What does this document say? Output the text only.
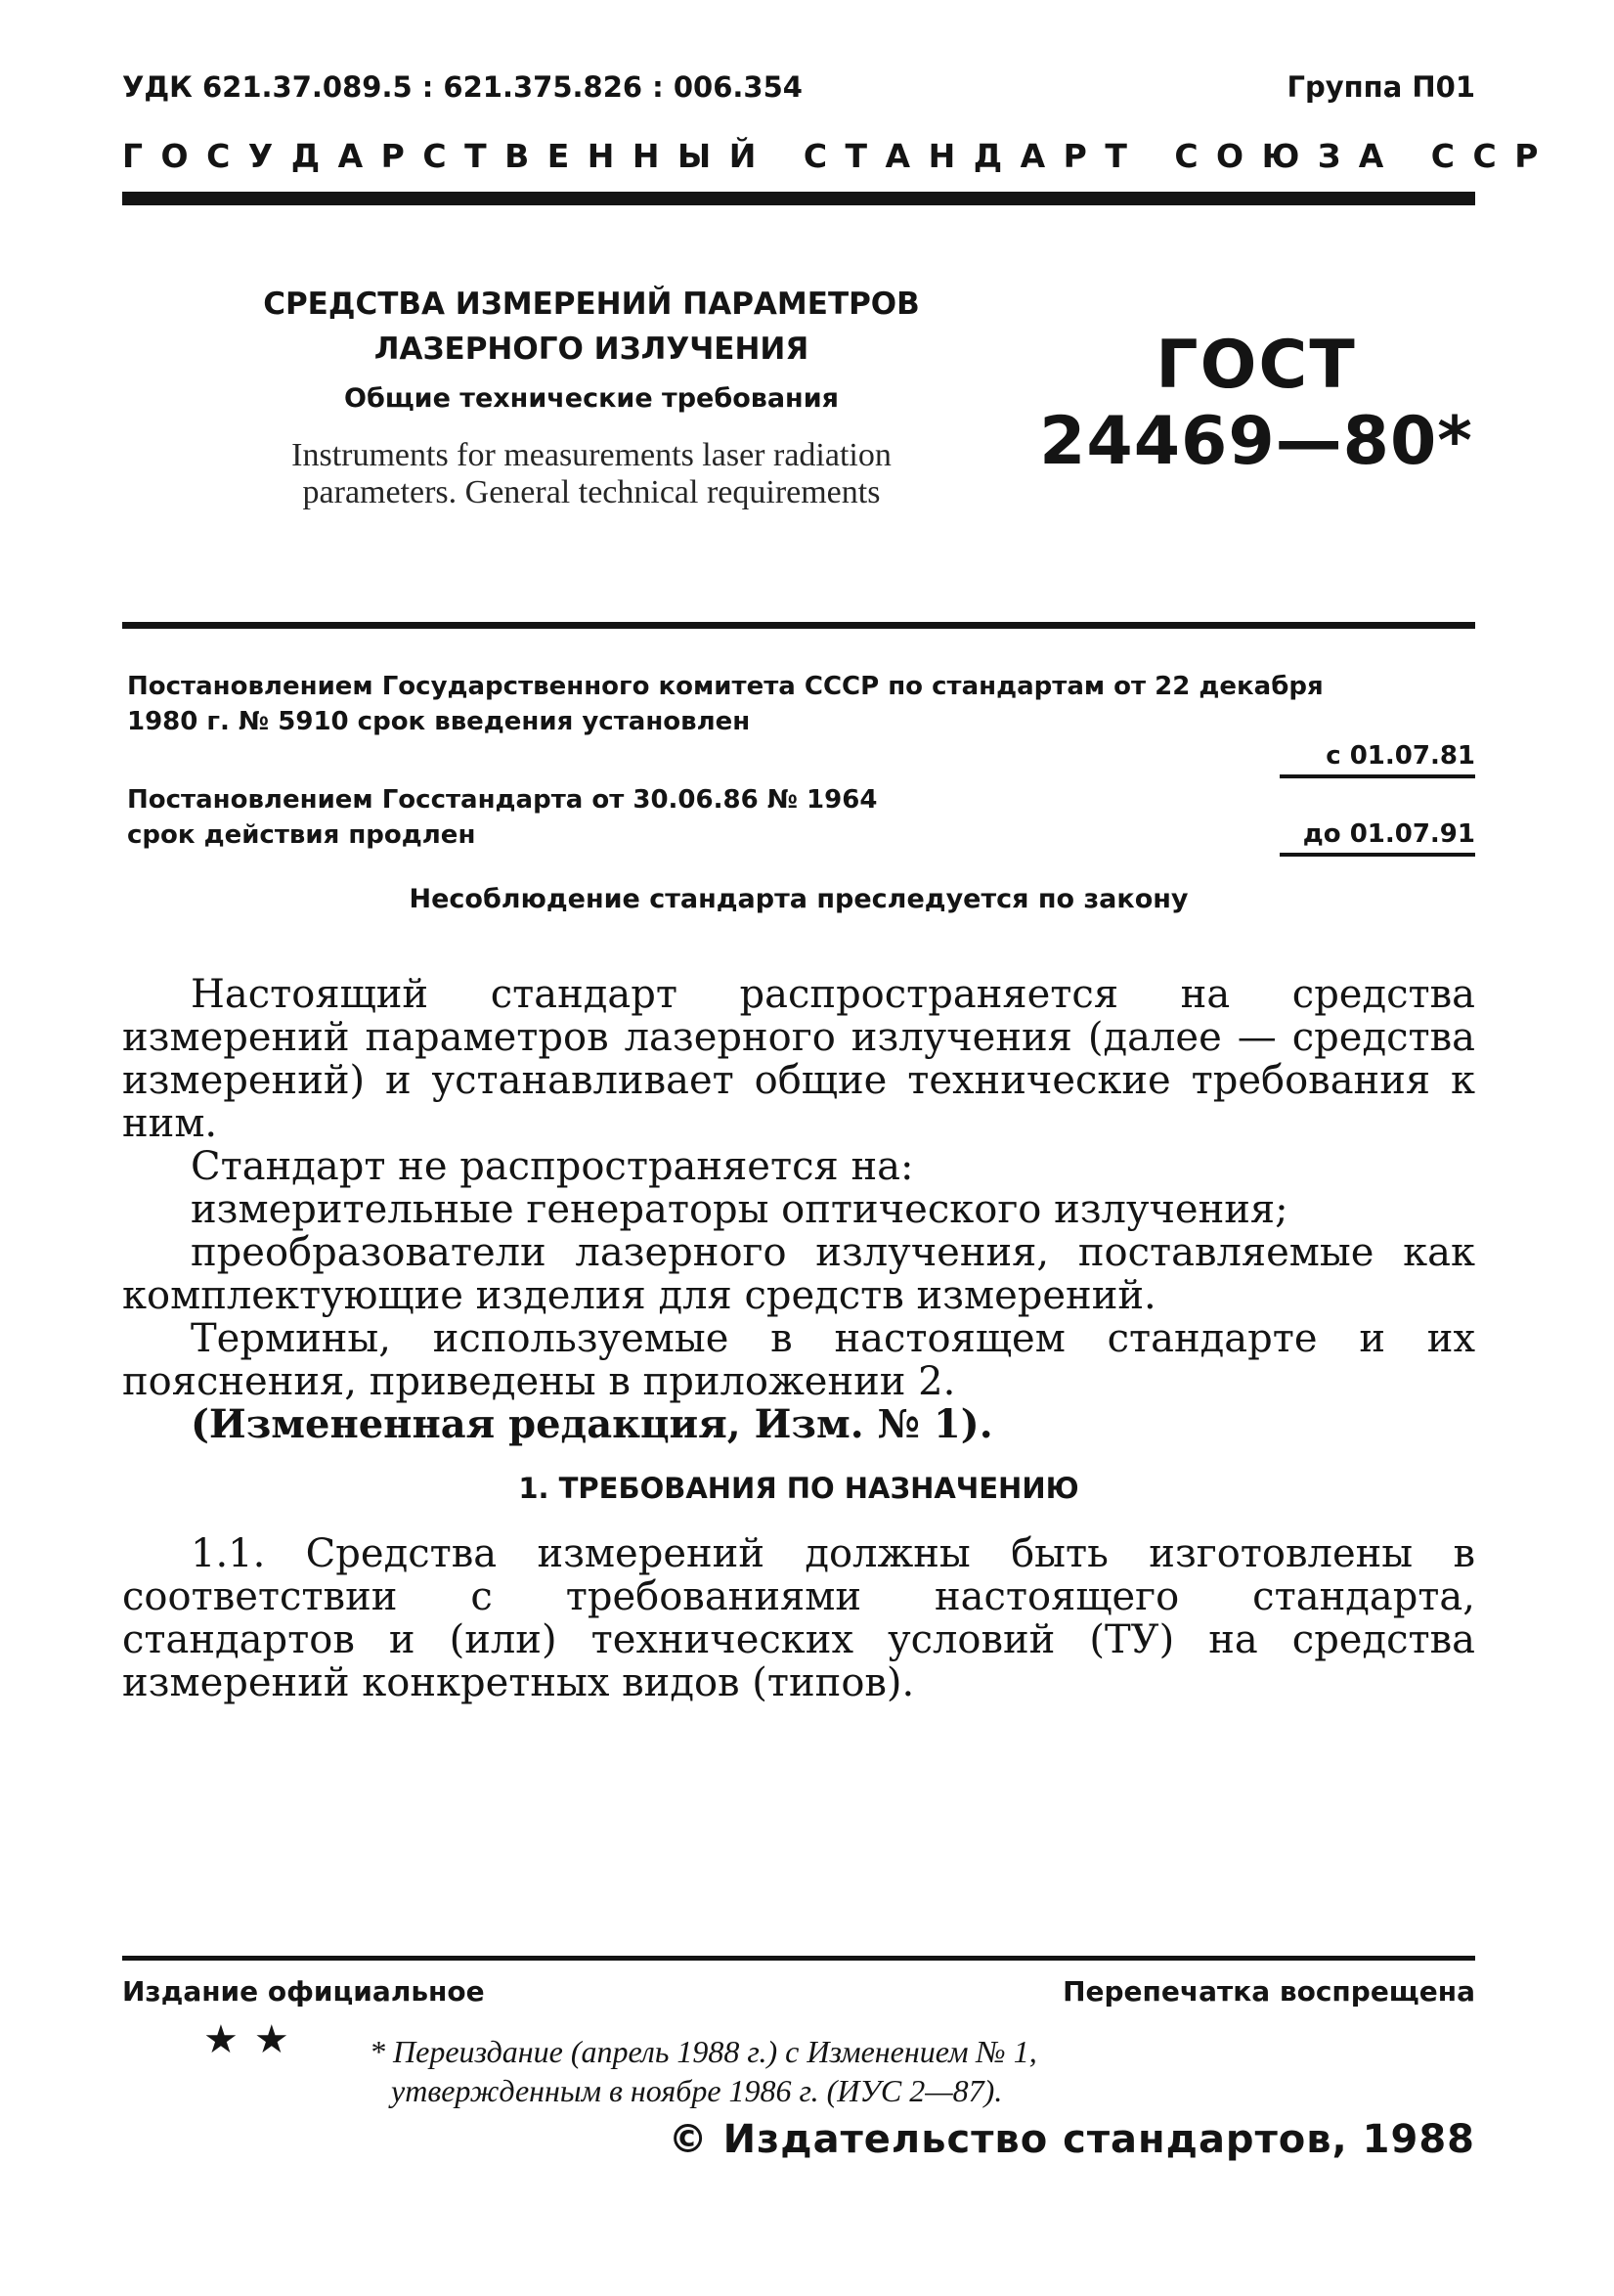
УДК 621.37.089.5 : 621.375.826 : 006.354	Группа П01
ГОСУДАРСТВЕННЫЙ СТАНДАРТ СОЮЗА ССР
СРЕДСТВА ИЗМЕРЕНИЙ ПАРАМЕТРОВ
ЛАЗЕРНОГО ИЗЛУЧЕНИЯ
Общие технические требования
Instruments for measurements laser radiation
parameters. General technical requirements
ГОСТ
24469—80*
Постановлением Государственного комитета СССР по стандартам от 22 декабря
1980 г. № 5910 срок введения установлен
с 01.07.81
Постановлением Госстандарта от 30.06.86 № 1964
срок действия продлен	до 01.07.91
Несоблюдение стандарта преследуется по закону
Настоящий стандарт распространяется на средства измерений параметров лазерного излучения (далее — средства измерений) и устанавливает общие технические требования к ним.
Стандарт не распространяется на:
измерительные генераторы оптического излучения;
преобразователи лазерного излучения, поставляемые как комплектующие изделия для средств измерений.
Термины, используемые в настоящем стандарте и их пояснения, приведены в приложении 2.
(Измененная редакция, Изм. № 1).
1. ТРЕБОВАНИЯ ПО НАЗНАЧЕНИЮ
1.1. Средства измерений должны быть изготовлены в соответствии с требованиями настоящего стандарта, стандартов и (или) технических условий (ТУ) на средства измерений конкретных видов (типов).
Издание официальное	Перепечатка воспрещена
★★ * Переиздание (апрель 1988 г.) с Изменением № 1,
утвержденным в ноябре 1986 г. (ИУС 2—87).
© Издательство стандартов, 1988
